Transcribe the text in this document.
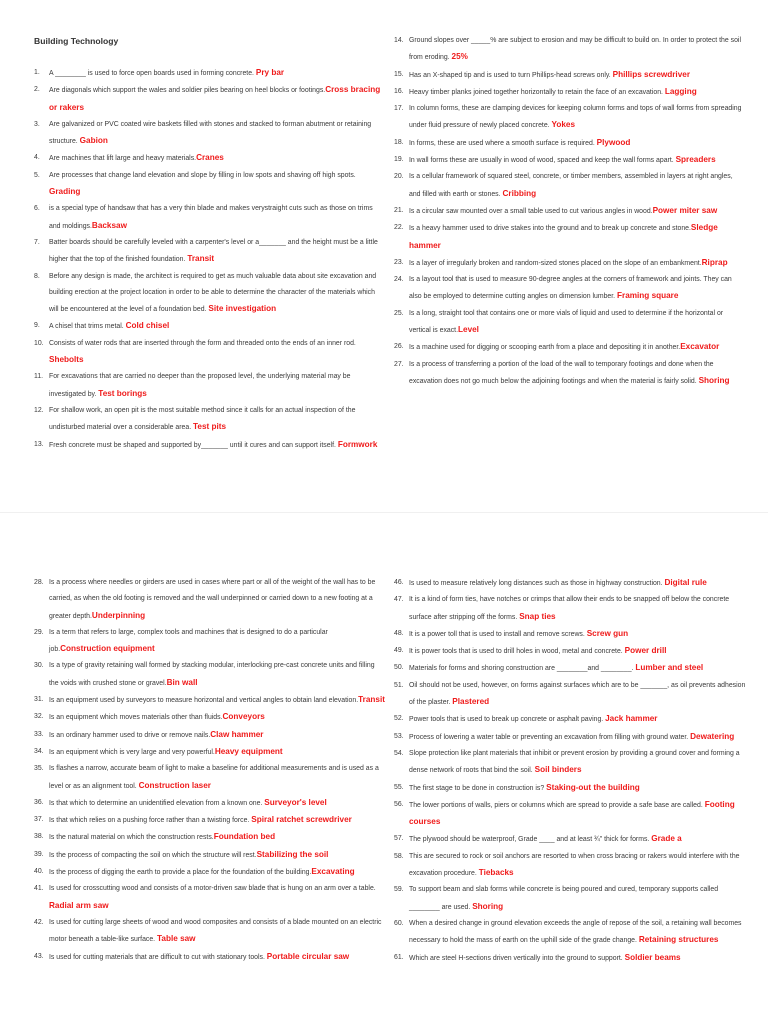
Building Technology
1. A ________ is used to force open boards used in forming concrete. Pry bar

2. Are diagonals which support the wales and soldier piles bearing on heel blocks or footings.Cross bracing or rakers

3. Are galvanized or PVC coated wire baskets filled with stones and stacked to forman abutment or retaining structure. Gabion

4. Are machines that lift large and heavy materials.Cranes

5. Are processes that change land elevation and slope by filling in low spots and shaving off high spots. Grading

6. is a special type of handsaw that has a very thin blade and makes verystraight cuts such as those on trims and moldings.Backsaw

7. Batter boards should be carefully leveled with a carpenter's level or a_______ and the height must be a little higher that the top of the finished foundation. Transit

8. Before any design is made, the architect is required to get as much valuable data about site excavation and building erection at the project location in order to be able to determine the character of the materials which will be encountered at the level of a foundation bed. Site investigation

9. A chisel that trims metal. Cold chisel

10. Consists of water rods that are inserted through the form and threaded onto the ends of an inner rod. Shebolts

11. For excavations that are carried no deeper than the proposed level, the underlying material may be investigated by. Test borings

12. For shallow work, an open pit is the most suitable method since it calls for an actual inspection of the undisturbed material over a considerable area. Test pits

13. Fresh concrete must be shaped and supported by_______ until it cures and can support itself. Formwork

14. Ground slopes over _____% are subject to erosion and may be difficult to build on. In order to protect the soil from eroding. 25%

15. Has an X-shaped tip and is used to turn Phillips-head screws only. Phillips screwdriver

16. Heavy timber planks joined together horizontally to retain the face of an excavation. Lagging

17. In column forms, these are clamping devices for keeping column forms and tops of wall forms from spreading under fluid pressure of newly placed concrete. Yokes

18. In forms, these are used where a smooth surface is required. Plywood

19. In wall forms these are usually in wood of wood, spaced and keep the wall forms apart. Spreaders

20. Is a cellular framework of squared steel, concrete, or timber members, assembled in layers at right angles, and filled with earth or stones. Cribbing

21. Is a circular saw mounted over a small table used to cut various angles in wood.Power miter saw

22. Is a heavy hammer used to drive stakes into the ground and to break up concrete and stone.Sledge hammer

23. Is a layer of irregularly broken and random-sized stones placed on the slope of an embankment.Riprap

24. Is a layout tool that is used to measure 90-degree angles at the corners of framework and joints. They can also be employed to determine cutting angles on dimension lumber. Framing square

25. Is a long, straight tool that contains one or more vials of liquid and used to determine if the horizontal or vertical is exact.Level

26. Is a machine used for digging or scooping earth from a place and depositing it in another.Excavator

27. Is a process of transferring a portion of the load of the wall to temporary footings and done when the excavation does not go much below the adjoining footings and when the material is fairly solid. Shoring

28. Is a process where needles or girders are used in cases where part or all of the weight of the wall has to be carried, as when the old footing is removed and the wall underpinned or carried down to a new footing at a greater depth.Underpinning

29. Is a term that refers to large, complex tools and machines that is designed to do a particular job.Construction equipment

30. Is a type of gravity retaining wall formed by stacking modular, interlocking pre-cast concrete units and filling the voids with crushed stone or gravel.Bin wall

31. Is an equipment used by surveyors to measure horizontal and vertical angles to obtain land elevation.Transit

32. Is an equipment which moves materials other than fluids.Conveyors

33. Is an ordinary hammer used to drive or remove nails.Claw hammer

34. Is an equipment which is very large and very powerful.Heavy equipment

35. Is flashes a narrow, accurate beam of light to make a baseline for additional measurements and is used as a level or as an alignment tool. Construction laser

36. Is that which to determine an unidentified elevation from a known one. Surveyor's level

37. Is that which relies on a pushing force rather than a twisting force. Spiral ratchet screwdriver

38. Is the natural material on which the construction rests.Foundation bed

39. Is the process of compacting the soil on which the structure will rest.Stabilizing the soil

40. Is the process of digging the earth to provide a place for the foundation of the building.Excavating

41. Is used for crosscutting wood and consists of a motor-driven saw blade that is hung on an arm over a table. Radial arm saw

42. Is used for cutting large sheets of wood and wood composites and consists of a blade mounted on an electric motor beneath a table-like surface. Table saw

43. Is used for cutting materials that are difficult to cut with stationary tools. Portable circular saw

46. Is used to measure relatively long distances such as those in highway construction. Digital rule

47. It is a kind of form ties, have notches or crimps that allow their ends to be snapped off below the concrete surface after stripping off the forms. Snap ties

48. It is a power toll that is used to install and remove screws. Screw gun

49. It is power tools that is used to drill holes in wood, metal and concrete. Power drill

50. Materials for forms and shoring construction are ________and ________. Lumber and steel

51. Oil should not be used, however, on forms against surfaces which are to be _______, as oil prevents adhesion of the plaster. Plastered

52. Power tools that is used to break up concrete or asphalt paving. Jack hammer

53. Process of lowering a water table or preventing an excavation from filling with ground water. Dewatering

54. Slope protection like plant materials that inhibit or prevent erosion by providing a ground cover and forming a dense network of roots that bind the soil. Soil binders

55. The first stage to be done in construction is? Staking-out the building

56. The lower portions of walls, piers or columns which are spread to provide a safe base are called. Footing courses

57. The plywood should be waterproof, Grade ____ and at least ¾" thick for forms. Grade a

58. This are secured to rock or soil anchors are resorted to when cross bracing or rakers would interfere with the excavation procedure. Tiebacks

59. To support beam and slab forms while concrete is being poured and cured, temporary supports called ________ are used. Shoring

60. When a desired change in ground elevation exceeds the angle of repose of the soil, a retaining wall becomes necessary to hold the mass of earth on the uphill side of the grade change. Retaining structures

61. Which are steel H-sections driven vertically into the ground to support. Soldier beams
